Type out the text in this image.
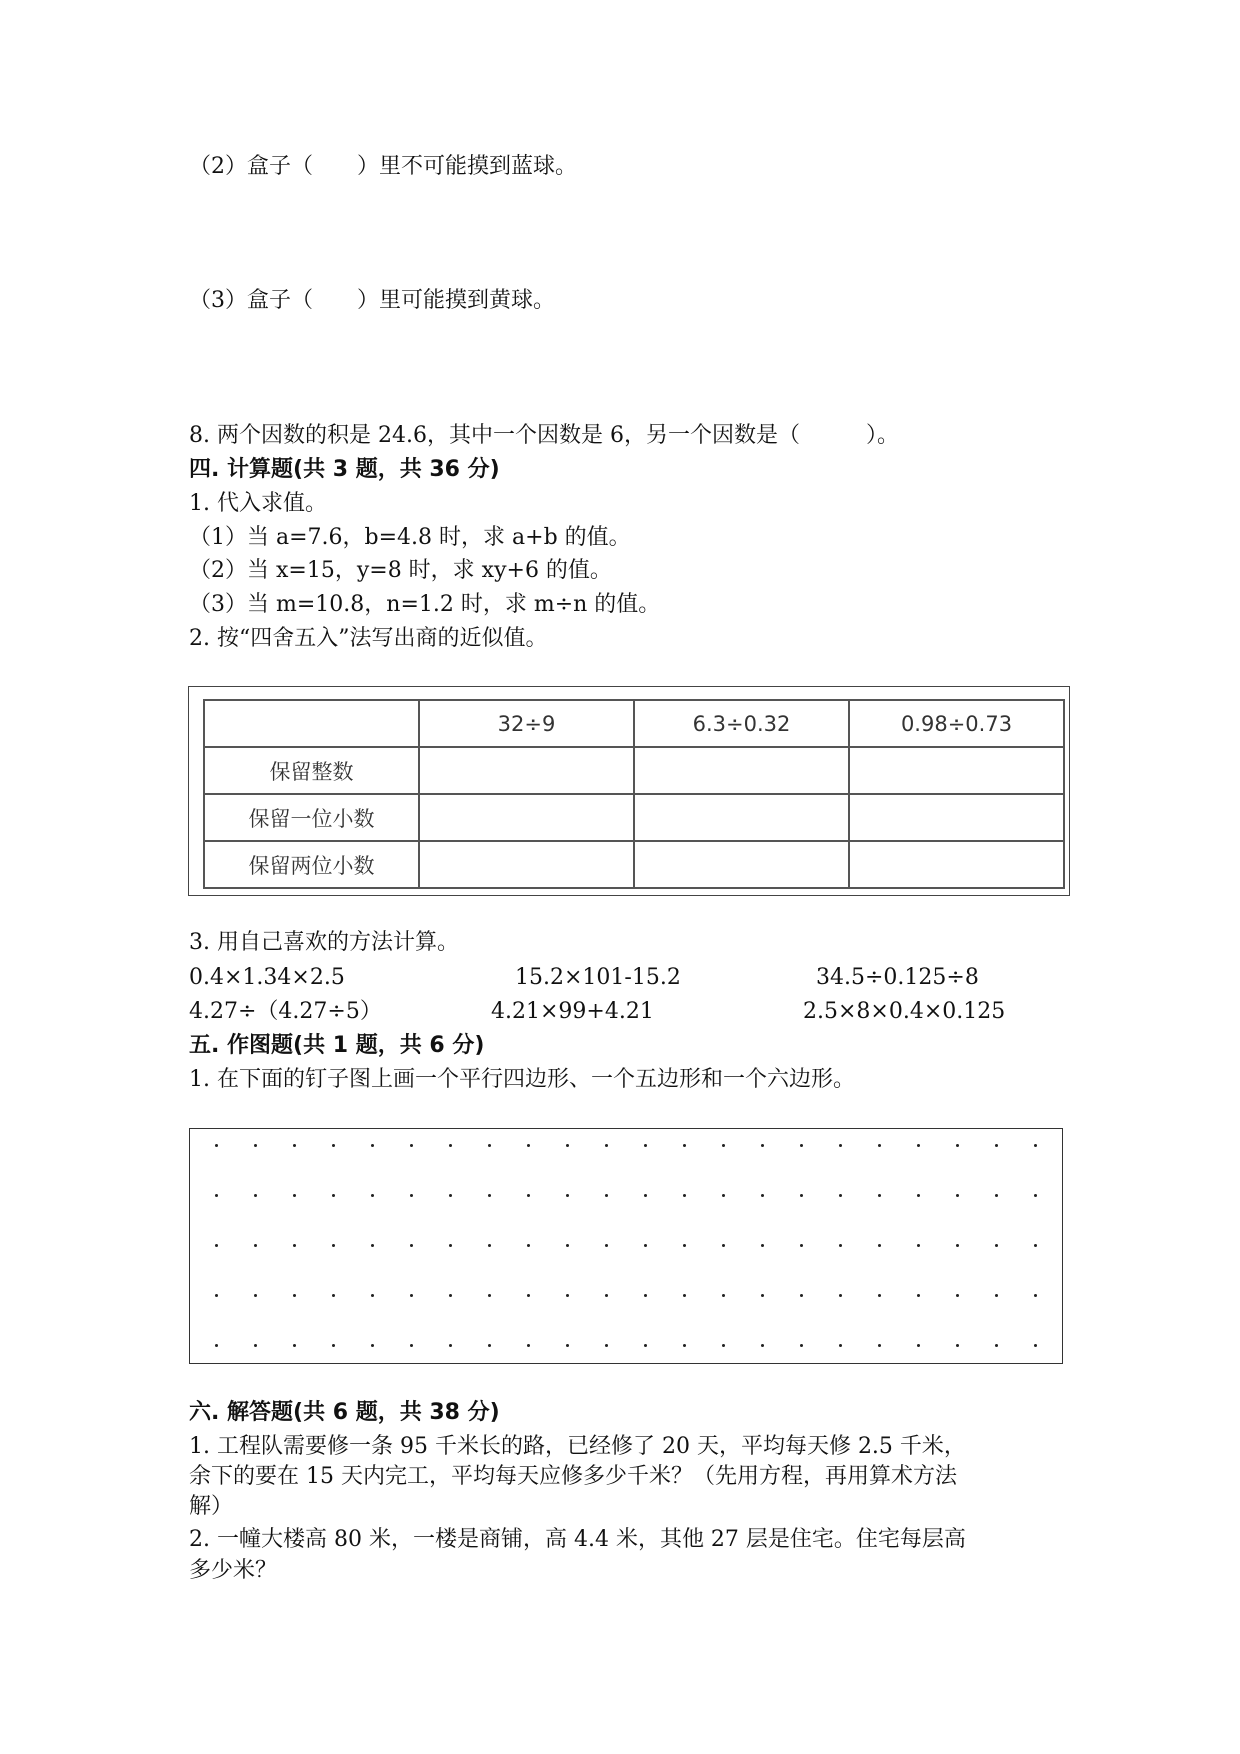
（2）盒子（　　）里不可能摸到蓝球。
（3）盒子（　　）里可能摸到黄球。
8. 两个因数的积是 24.6，其中一个因数是 6，另一个因数是（　　　）。
四. 计算题(共 3 题，共 36 分)
1. 代入求值。
（1）当 a=7.6，b=4.8 时，求 a+b 的值。
（2）当 x=15，y=8 时，求 xy+6 的值。
（3）当 m=10.8，n=1.2 时，求 m÷n 的值。
2. 按“四舍五入”法写出商的近似值。
	32÷9	6.3÷0.32	0.98÷0.73
保留整数			
保留一位小数			
保留两位小数			
3. 用自己喜欢的方法计算。
0.4×1.34×2.5	15.2×101-15.2	34.5÷0.125÷8
4.27÷（4.27÷5）	4.21×99+4.21	2.5×8×0.4×0.125
五. 作图题(共 1 题，共 6 分)
1. 在下面的钉子图上画一个平行四边形、一个五边形和一个六边形。
六. 解答题(共 6 题，共 38 分)
1. 工程队需要修一条 95 千米长的路，已经修了 20 天，平均每天修 2.5 千米，
余下的要在 15 天内完工，平均每天应修多少千米？（先用方程，再用算术方法
解）
2. 一幢大楼高 80 米，一楼是商铺，高 4.4 米，其他 27 层是住宅。住宅每层高
多少米？
